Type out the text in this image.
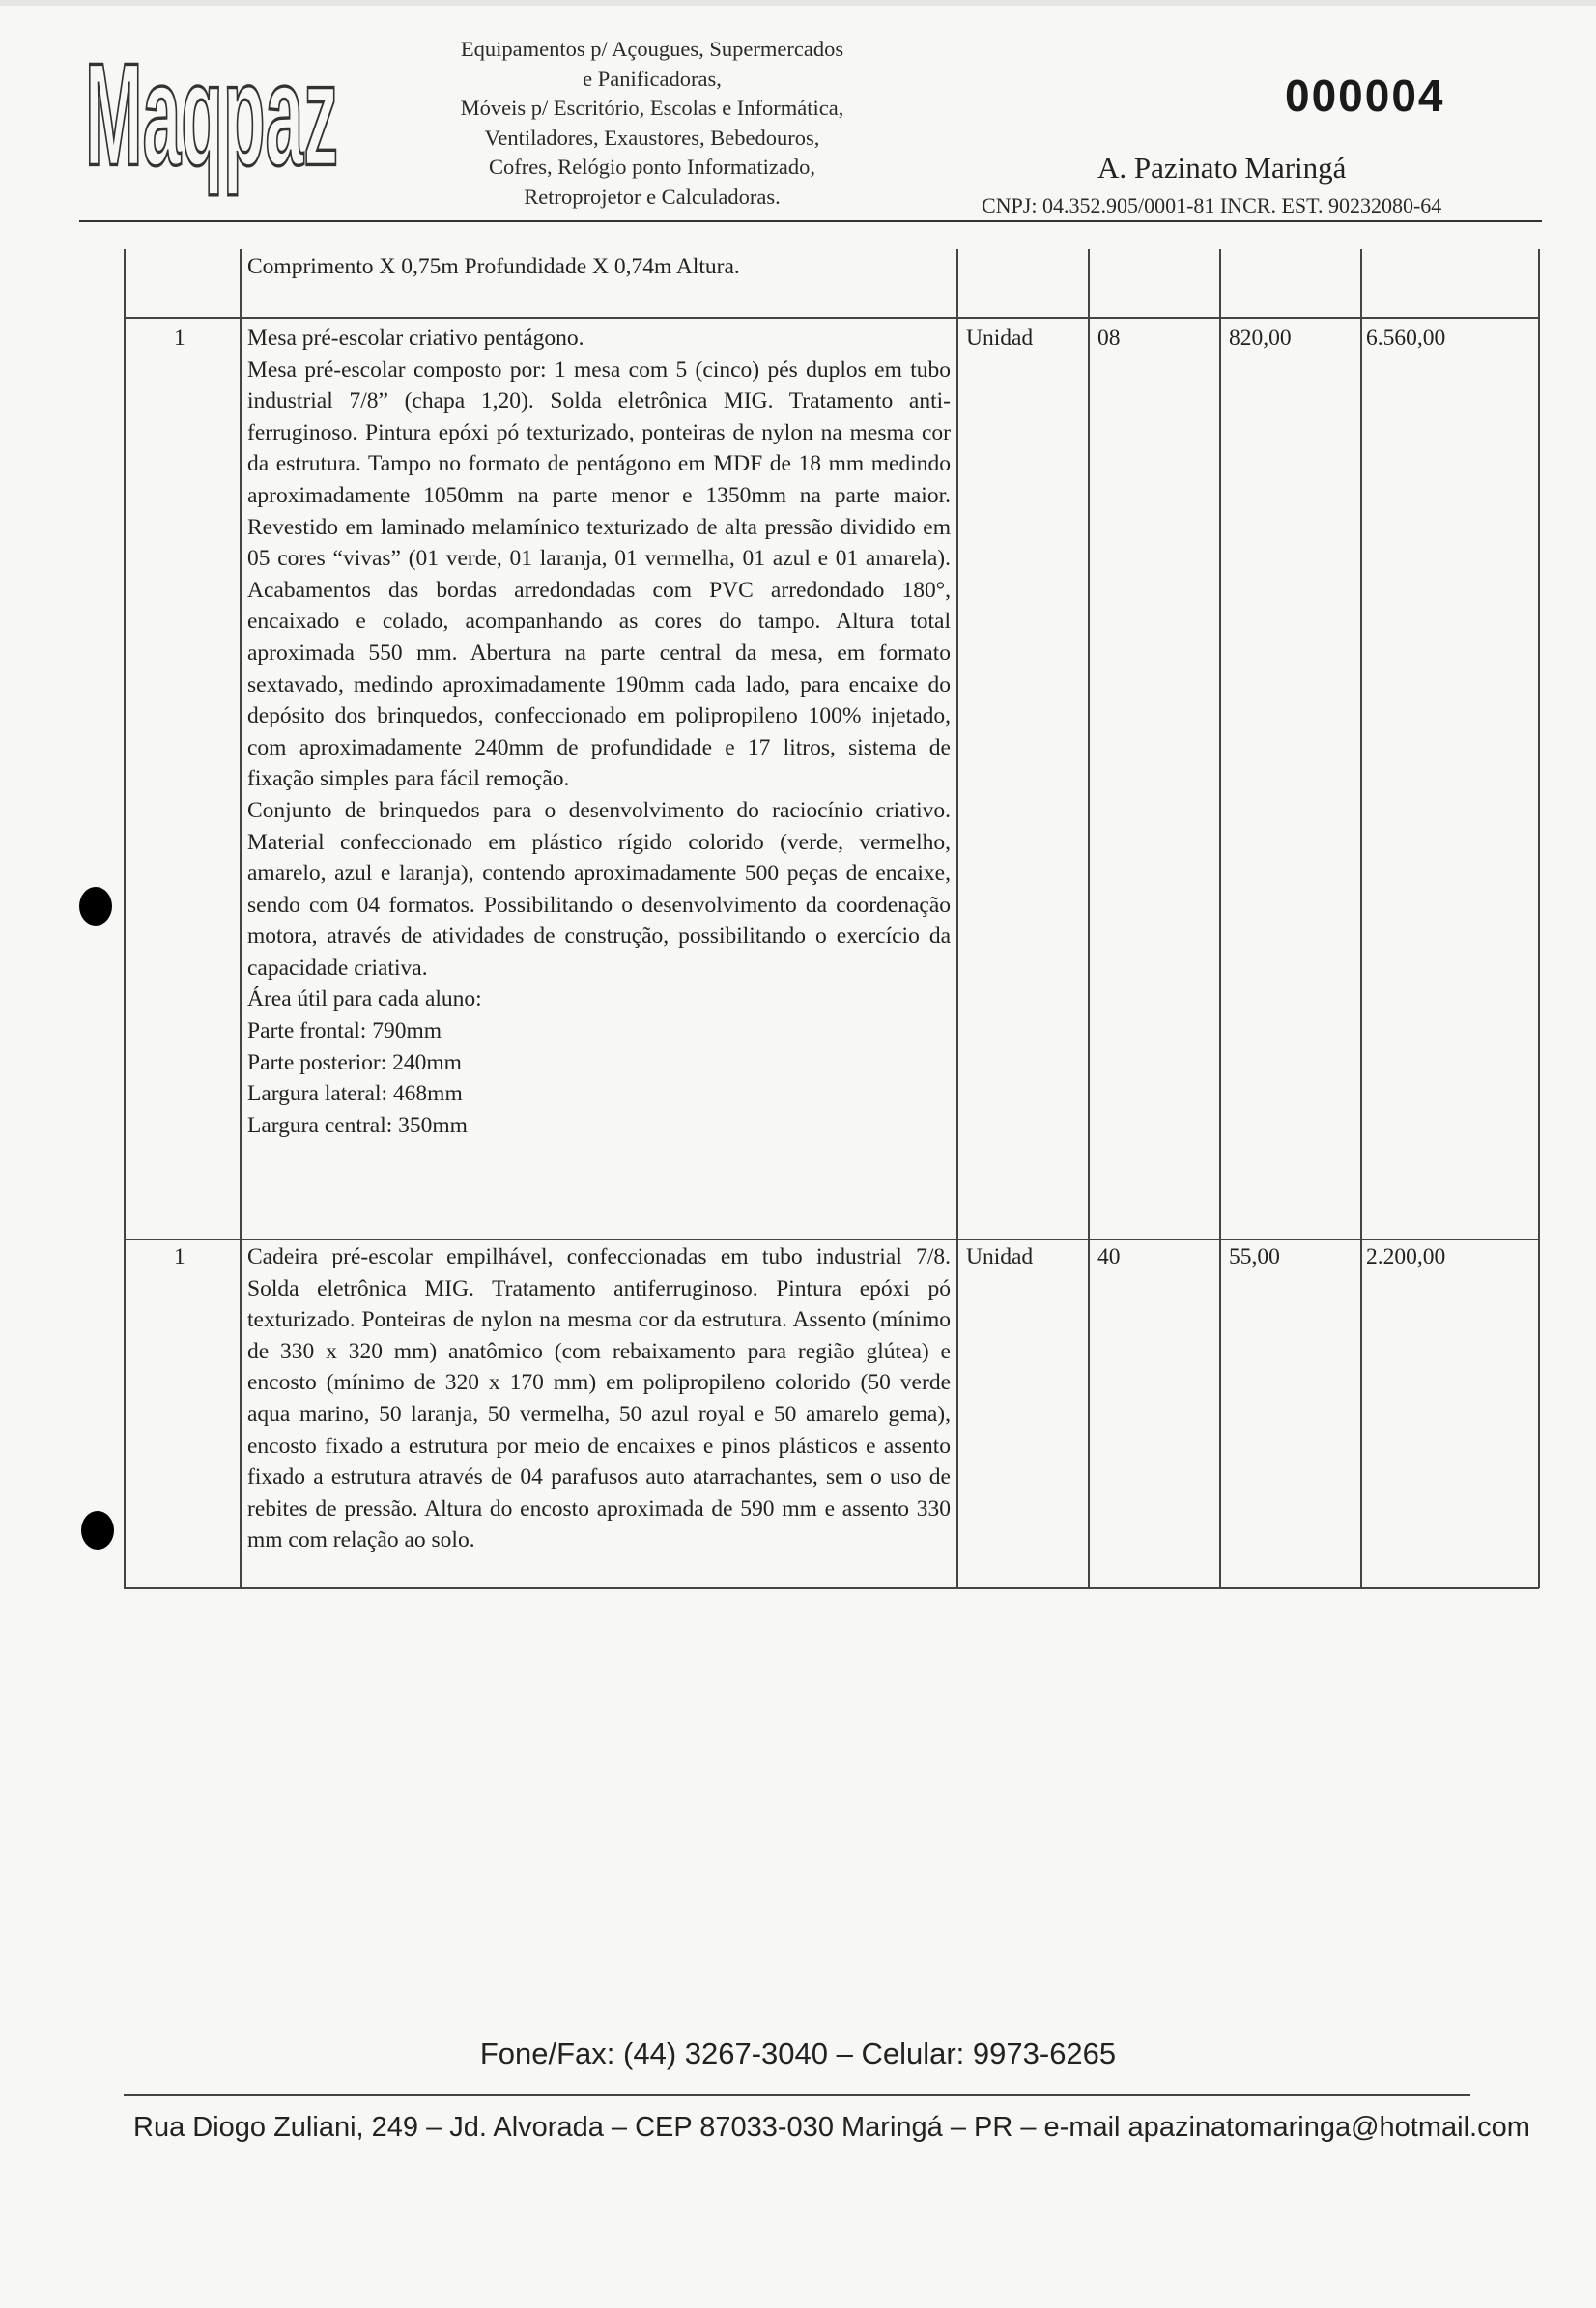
Maqpaz	Equipamentos p/ Açougues, Supermercados
e Panificadoras,
Móveis p/ Escritório, Escolas e Informática,
Ventiladores, Exaustores, Bebedouros,
Cofres, Relógio ponto Informatizado,
Retroprojetor e Calculadoras.
000004
A. Pazinato Maringá
CNPJ: 04.352.905/0001-81 INCR. EST. 90232080-64
Comprimento X 0,75m Profundidade X 0,74m Altura.
1	Mesa pré-escolar criativo pentágono.

Mesa pré-escolar composto por: 1 mesa com 5 (cinco) pés duplos em tubo industrial 7/8” (chapa 1,20). Solda eletrônica MIG. Tratamento anti-ferruginoso. Pintura epóxi pó texturizado, ponteiras de nylon na mesma cor da estrutura. Tampo no formato de pentágono em MDF de 18 mm medindo aproximadamente 1050mm na parte menor e 1350mm na parte maior. Revestido em laminado melamínico texturizado de alta pressão dividido em 05 cores “vivas” (01 verde, 01 laranja, 01 vermelha, 01 azul e 01 amarela). Acabamentos das bordas arredondadas com PVC arredondado 180°, encaixado e colado, acompanhando as cores do tampo. Altura total aproximada 550 mm. Abertura na parte central da mesa, em formato sextavado, medindo aproximadamente 190mm cada lado, para encaixe do depósito dos brinquedos, confeccionado em polipropileno 100% injetado, com aproximadamente 240mm de profundidade e 17 litros, sistema de fixação simples para fácil remoção.

Conjunto de brinquedos para o desenvolvimento do raciocínio criativo. Material confeccionado em plástico rígido colorido (verde, vermelho, amarelo, azul e laranja), contendo aproximadamente 500 peças de encaixe, sendo com 04 formatos. Possibilitando o desenvolvimento da coordenação motora, através de atividades de construção, possibilitando o exercício da capacidade criativa.

Área útil para cada aluno:

Parte frontal: 790mm

Parte posterior: 240mm

Largura lateral: 468mm

Largura central: 350mm

Unidad	08	820,00	6.560,00
1	Cadeira pré-escolar empilhável, confeccionadas em tubo industrial 7/8. Solda eletrônica MIG. Tratamento antiferruginoso. Pintura epóxi pó texturizado. Ponteiras de nylon na mesma cor da estrutura. Assento (mínimo de 330 x 320 mm) anatômico (com rebaixamento para região glútea) e encosto (mínimo de 320 x 170 mm) em polipropileno colorido (50 verde aqua marino, 50 laranja, 50 vermelha, 50 azul royal e 50 amarelo gema), encosto fixado a estrutura por meio de encaixes e pinos plásticos e assento fixado a estrutura através de 04 parafusos auto atarrachantes, sem o uso de rebites de pressão. Altura do encosto aproximada de 590 mm e assento 330 mm com relação ao solo.

Unidad	40	55,00	2.200,00
Fone/Fax: (44) 3267-3040 – Celular: 9973-6265
Rua Diogo Zuliani, 249 – Jd. Alvorada – CEP 87033-030 Maringá – PR – e-mail apazinatomaringa@hotmail.com
